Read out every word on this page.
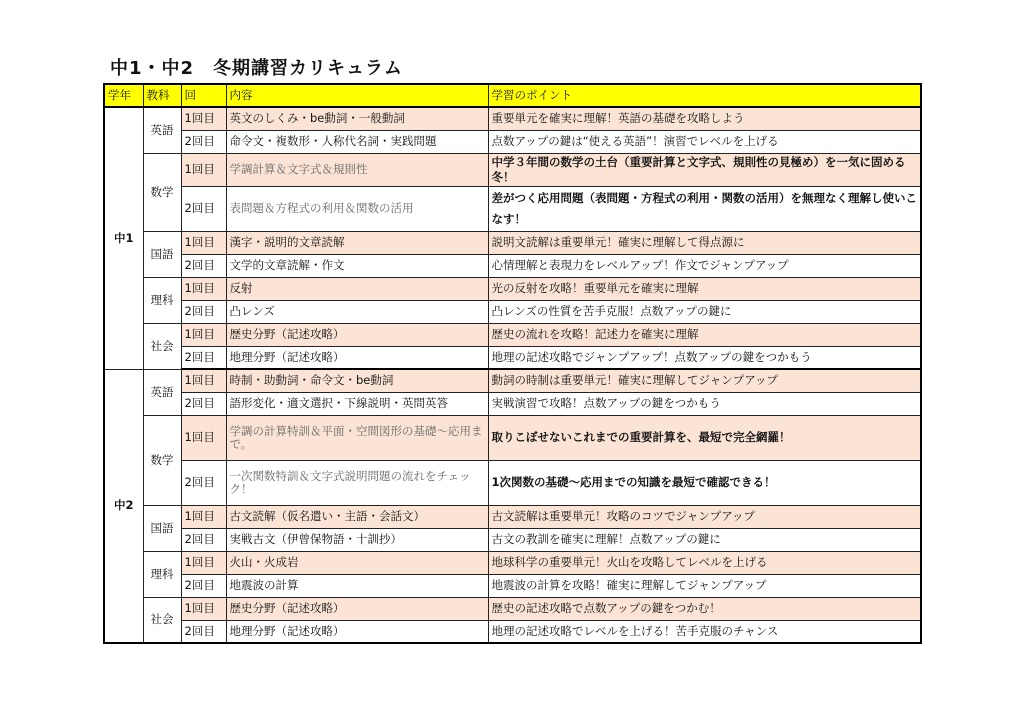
中1・中2　冬期講習カリキュラム
学年	教科	回	内容	学習のポイント
中1	英語	1回目	英文のしくみ・be動詞・一般動詞	重要単元を確実に理解！英語の基礎を攻略しよう
		2回目	命令文・複数形・人称代名詞・実践問題	点数アップの鍵は“使える英語”！演習でレベルを上げる
	数学	1回目	学調計算＆文字式＆規則性	中学３年間の数学の土台（重要計算と文字式、規則性の見極め）を一気に固める冬！
		2回目	表問題＆方程式の利用＆関数の活用	差がつく応用問題（表問題・方程式の利用・関数の活用）を無理なく理解し使いこなす！
	国語	1回目	漢字・説明的文章読解	説明文読解は重要単元！確実に理解して得点源に
		2回目	文学的文章読解・作文	心情理解と表現力をレベルアップ！作文でジャンプアップ
	理科	1回目	反射	光の反射を攻略！重要単元を確実に理解
		2回目	凸レンズ	凸レンズの性質を苦手克服！点数アップの鍵に
	社会	1回目	歴史分野（記述攻略）	歴史の流れを攻略！記述力を確実に理解
		2回目	地理分野（記述攻略）	地理の記述攻略でジャンプアップ！点数アップの鍵をつかもう
中2	英語	1回目	時制・助動詞・命令文・be動詞	動詞の時制は重要単元！確実に理解してジャンプアップ
		2回目	語形変化・適文選択・下線説明・英問英答	実戦演習で攻略！点数アップの鍵をつかもう
	数学	1回目	学調の計算特訓＆平面・空間図形の基礎～応用まで。	取りこぼせないこれまでの重要計算を、最短で完全網羅！
		2回目	一次関数特訓＆文字式説明問題の流れをチェック！	1次関数の基礎～応用までの知識を最短で確認できる！
	国語	1回目	古文読解（仮名遣い・主語・会話文）	古文読解は重要単元！攻略のコツでジャンプアップ
		2回目	実戦古文（伊曾保物語・十訓抄）	古文の教訓を確実に理解！点数アップの鍵に
	理科	1回目	火山・火成岩	地球科学の重要単元！火山を攻略してレベルを上げる
		2回目	地震波の計算	地震波の計算を攻略！確実に理解してジャンプアップ
	社会	1回目	歴史分野（記述攻略）	歴史の記述攻略で点数アップの鍵をつかむ！
		2回目	地理分野（記述攻略）	地理の記述攻略でレベルを上げる！苦手克服のチャンス
